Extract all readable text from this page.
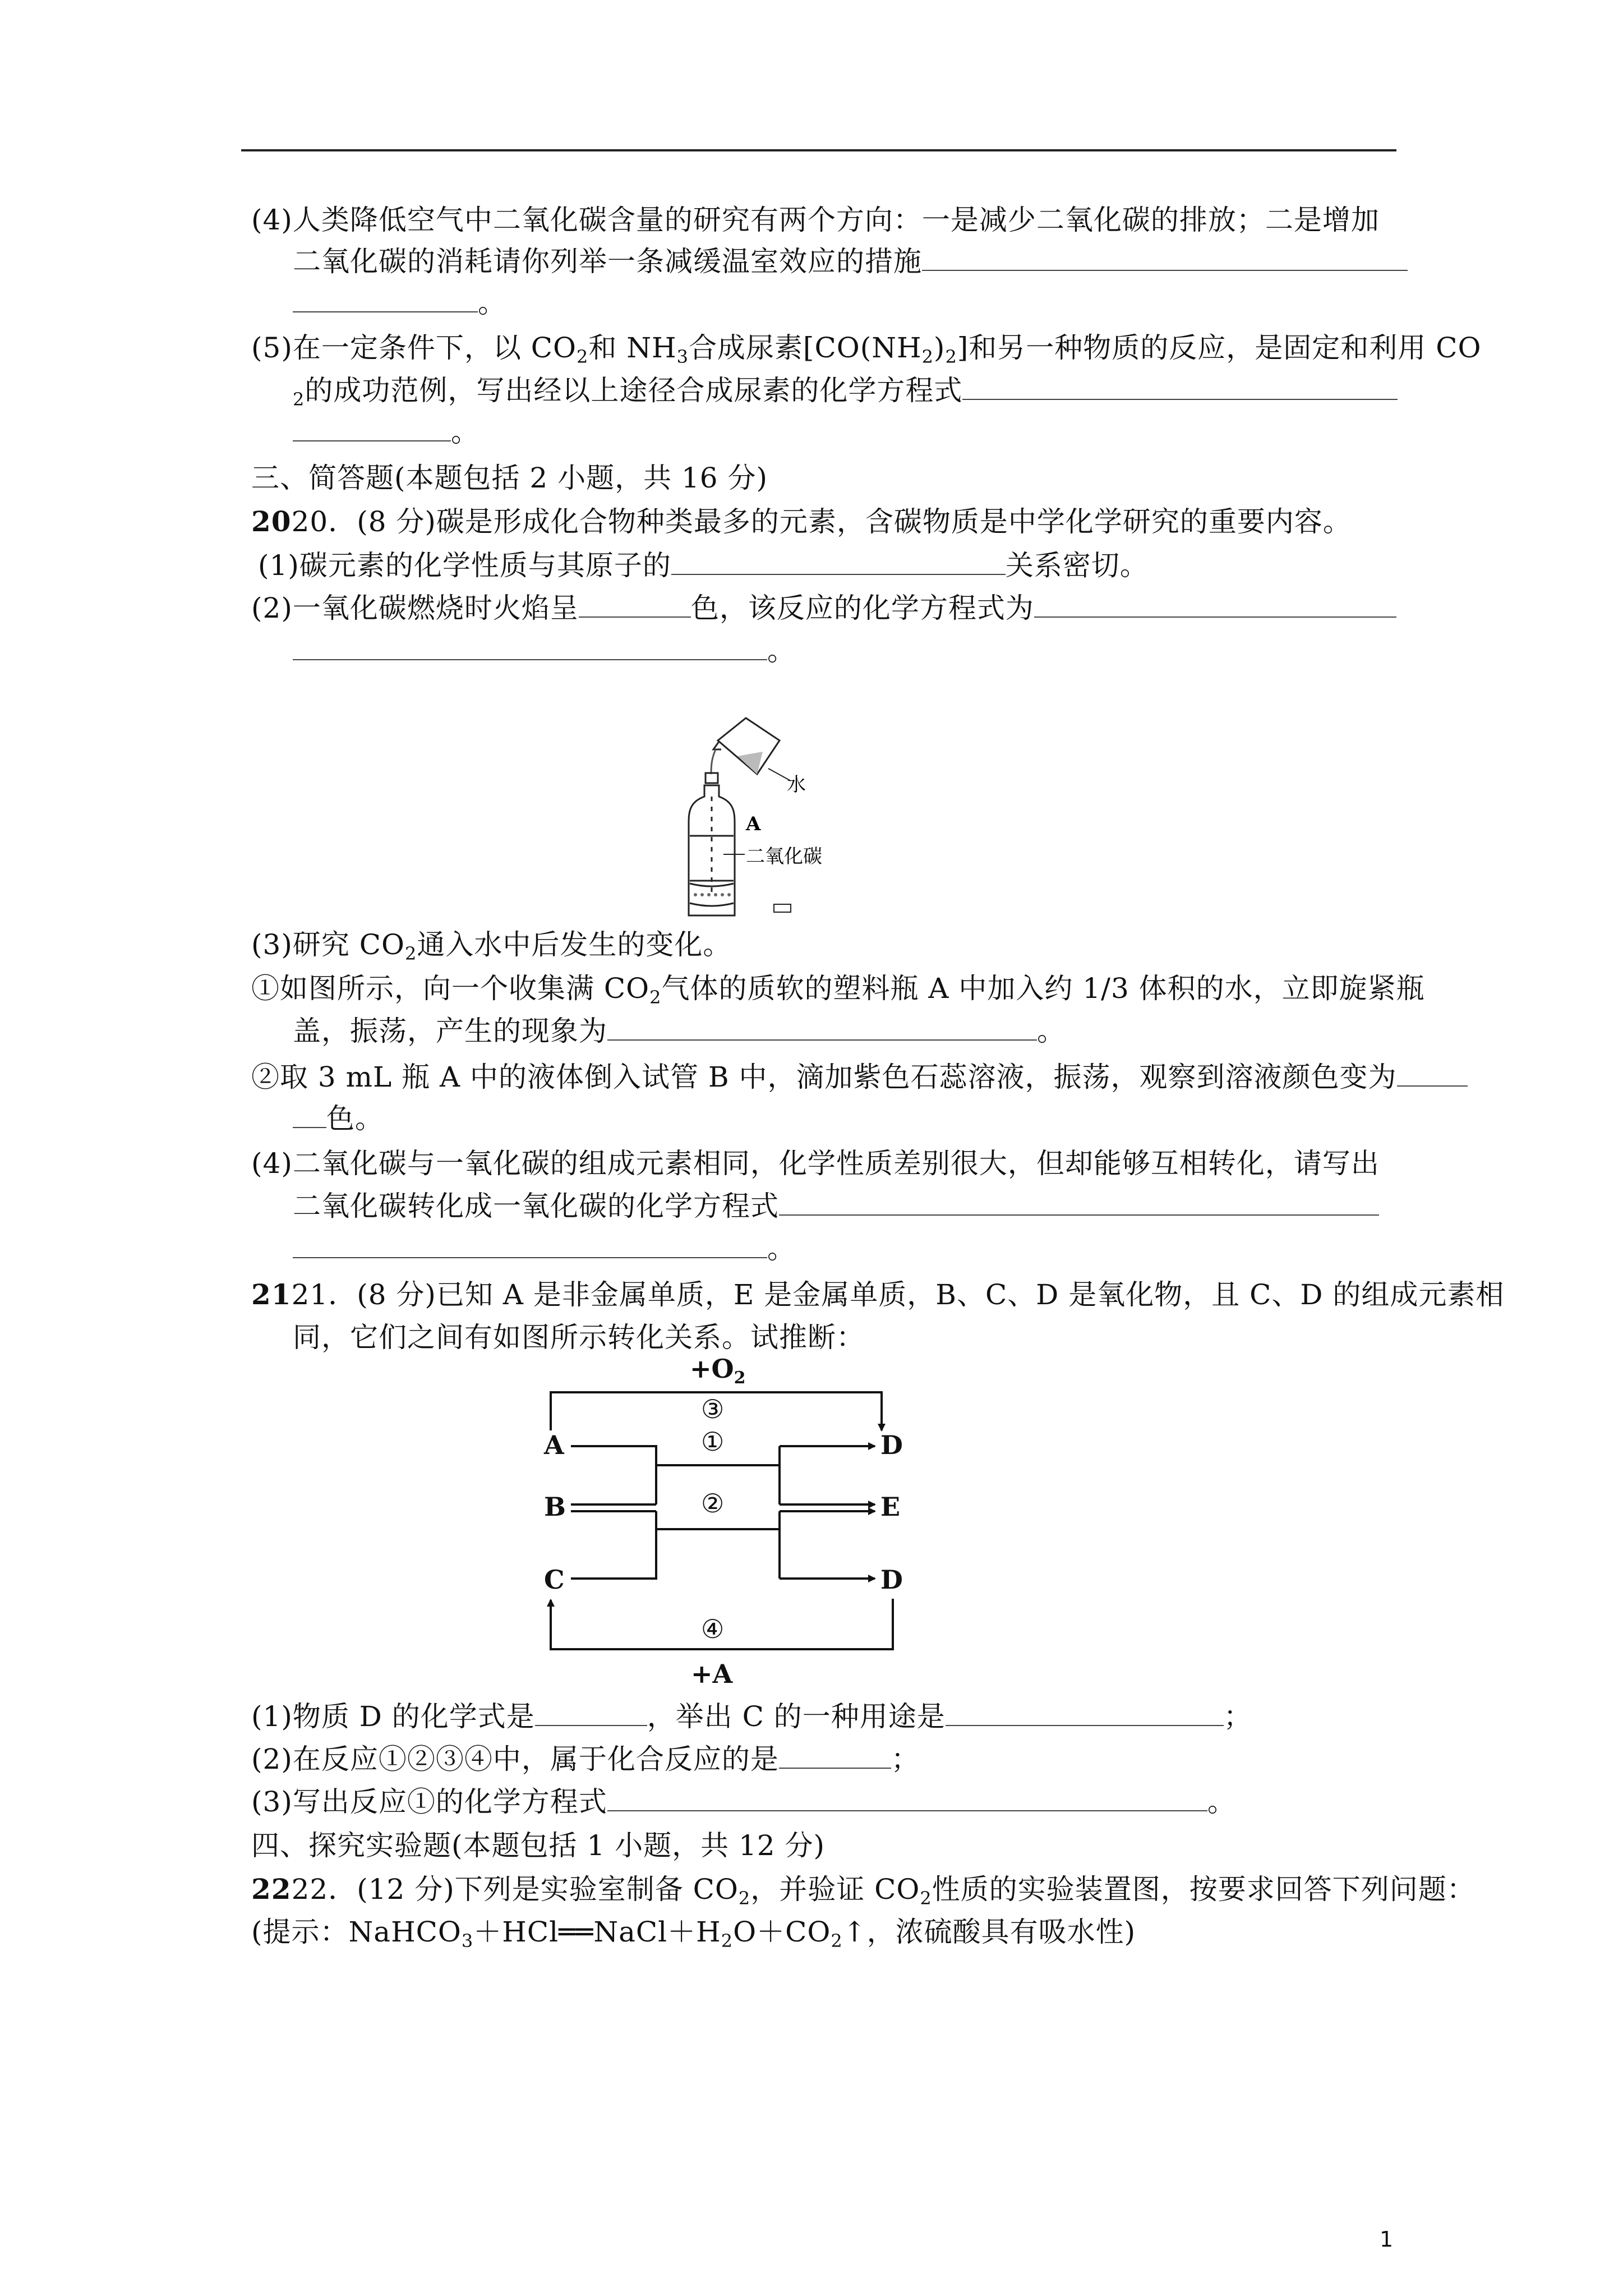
(4)人类降低空气中二氧化碳含量的研究有两个方向：一是减少二氧化碳的排放；二是增加
二氧化碳的消耗请你列举一条减缓温室效应的措施
。
(5)在一定条件下，以 $CO_2$和 $NH_3$合成尿素$[CO(NH_2)_2]$和另一种物质的反应，是固定和利用 CO
$_2$的成功范例，写出经以上途径合成尿素的化学方程式
。
三、简答题(本题包括 2 小题，共 16 分)
2020．(8 分)碳是形成化合物种类最多的元素，含碳物质是中学化学研究的重要内容。
(1)碳元素的化学性质与其原子的	关系密切。
(2)一氧化碳燃烧时火焰呈	色，该反应的化学方程式为
。
水
A
二氧化碳
(3)研究 $CO_2$通入水中后发生的变化。
①如图所示，向一个收集满 $CO_2$气体的质软的塑料瓶 A 中加入约 1/3 体积的水，立即旋紧瓶
盖，振荡，产生的现象为	。
②取 3 mL 瓶 A 中的液体倒入试管 B 中，滴加紫色石蕊溶液，振荡，观察到溶液颜色变为
色。
(4)二氧化碳与一氧化碳的组成元素相同，化学性质差别很大，但却能够互相转化，请写出
二氧化碳转化成一氧化碳的化学方程式
。
2121．(8 分)已知 A 是非金属单质，E 是金属单质，B、C、D 是氧化物，且 C、D 的组成元素相
同，它们之间有如图所示转化关系。试推断：
$+O_2$
A
B
C
D
E
D
+A
③
①
②
④
(1)物质 D 的化学式是	，举出 C 的一种用途是	；
(2)在反应①②③④中，属于化合反应的是	；
(3)写出反应①的化学方程式	。
四、探究实验题(本题包括 1 小题，共 12 分)
2222．(12 分)下列是实验室制备 $CO_2$，并验证 $CO_2$性质的实验装置图，按要求回答下列问题：
(提示：$NaHCO_3+HCl══NaCl+H_2O+CO_2↑$，浓硫酸具有吸水性)
1
